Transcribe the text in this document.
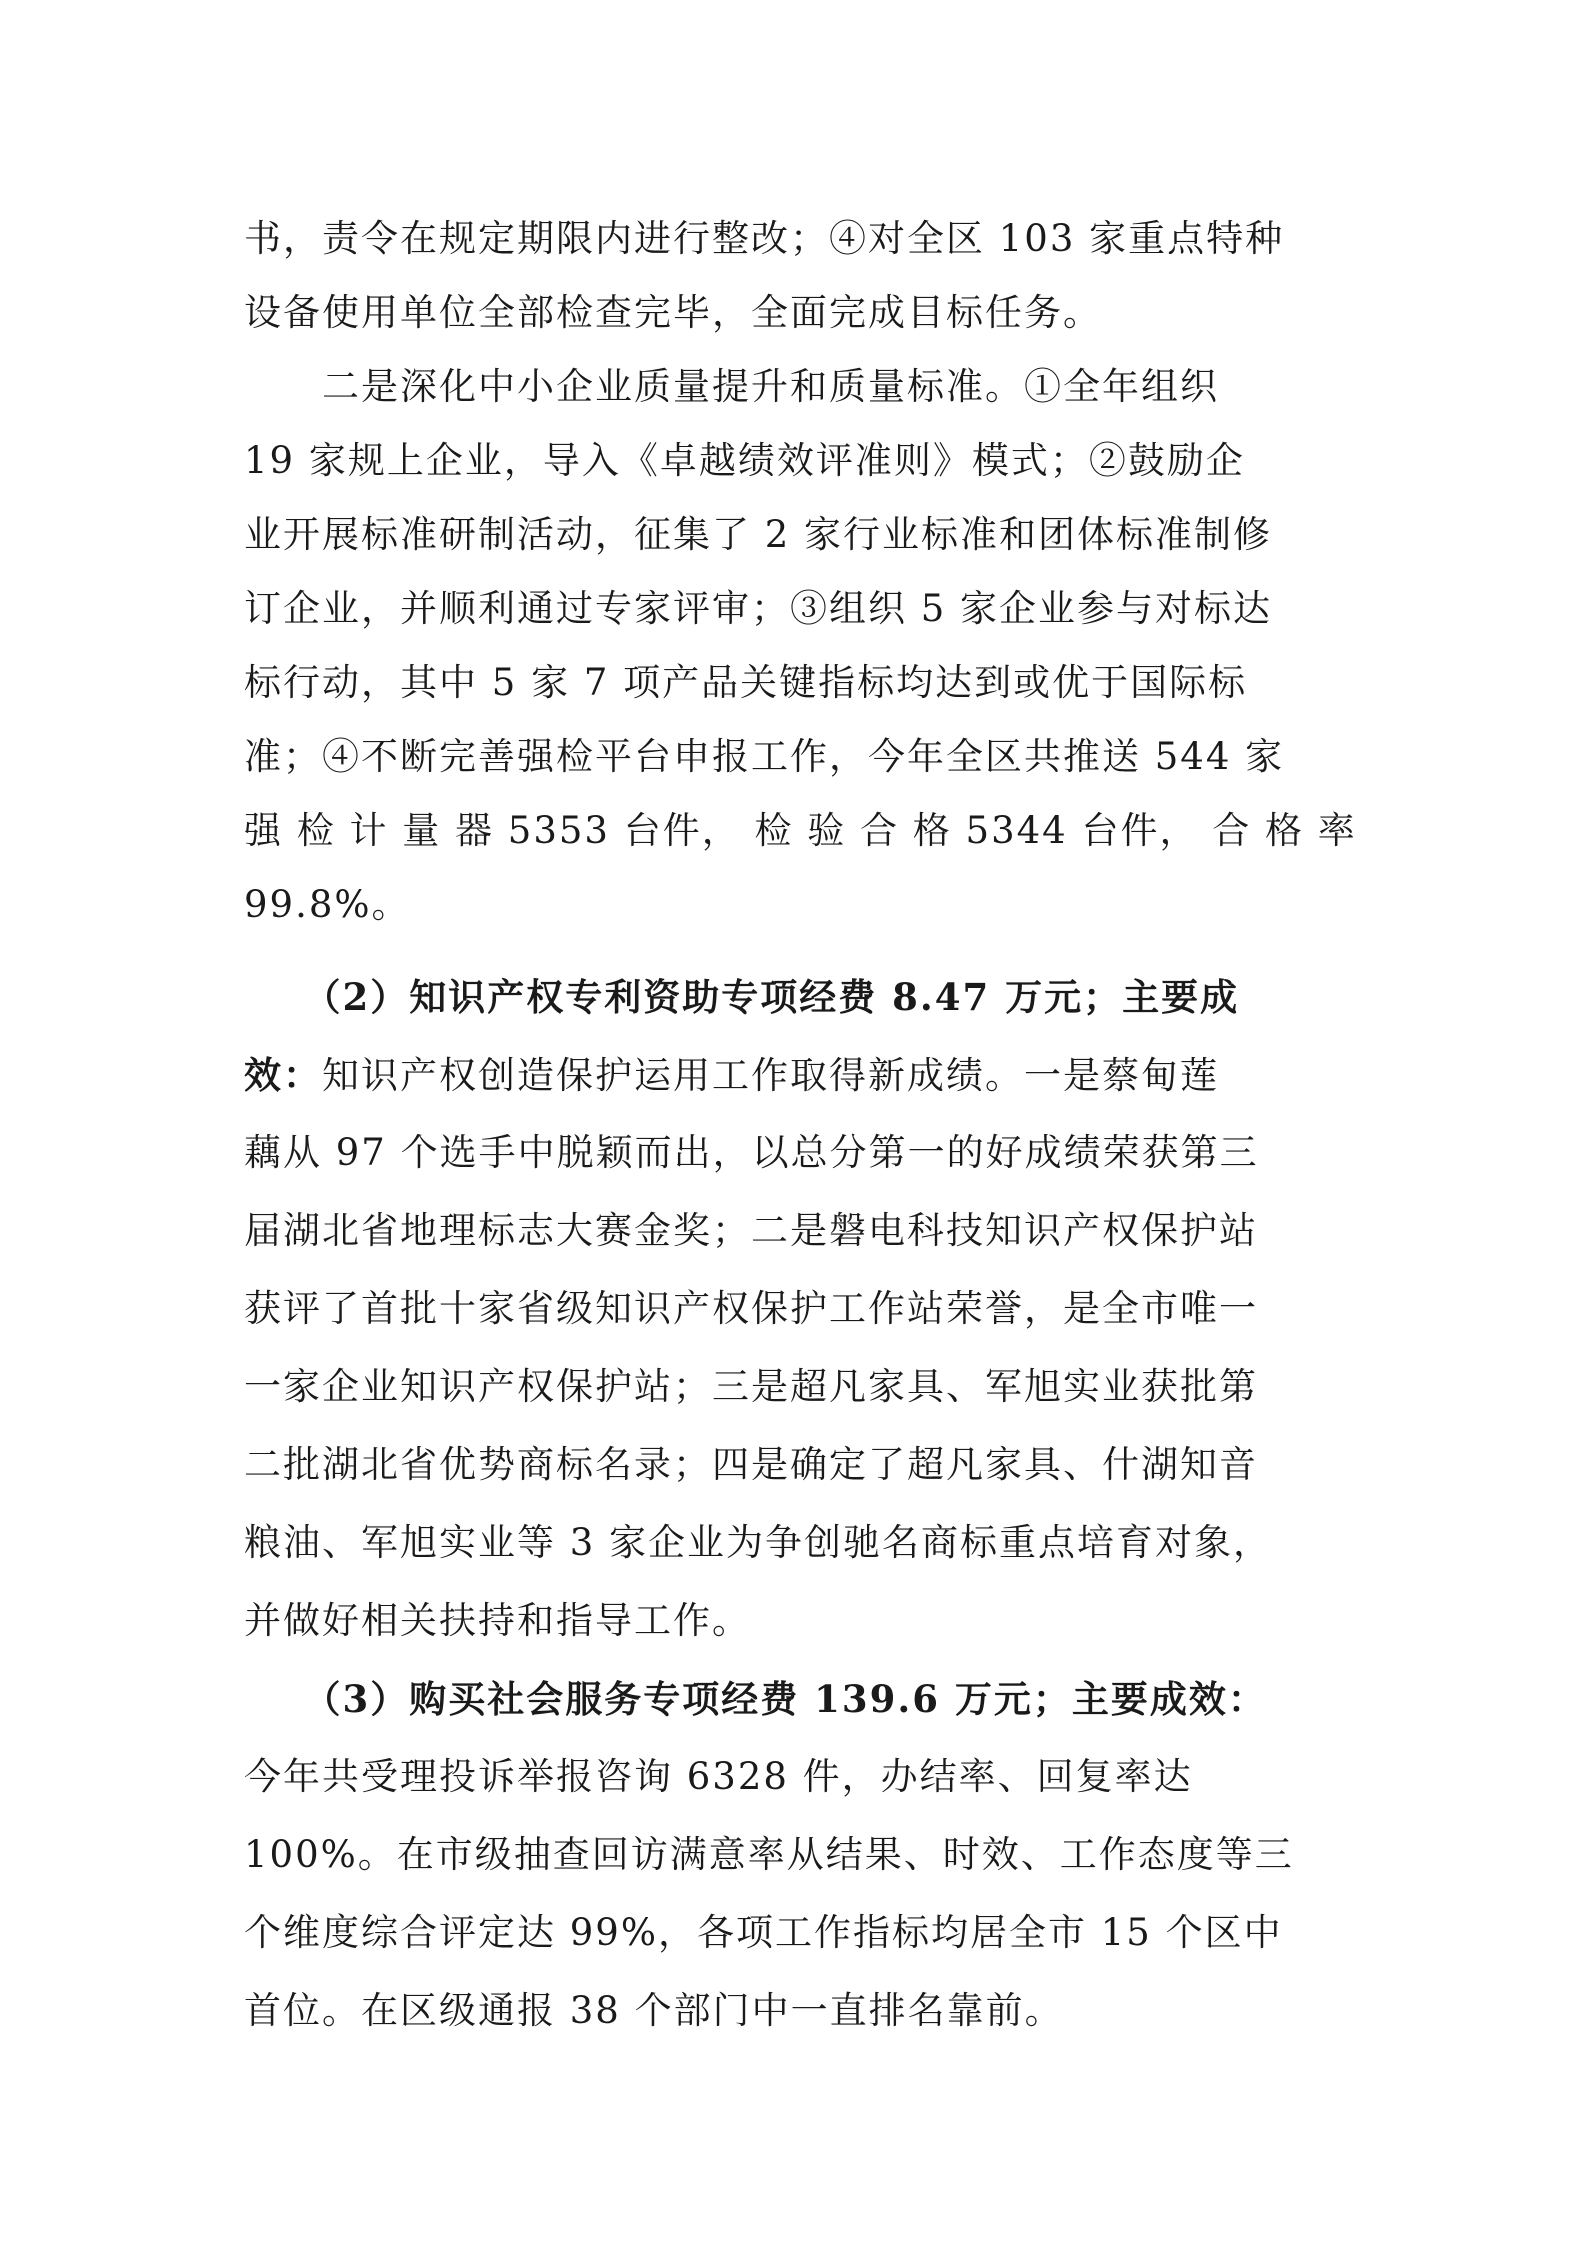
书，责令在规定期限内进行整改；④对全区 103 家重点特种
设备使用单位全部检查完毕，全面完成目标任务。
　　二是深化中小企业质量提升和质量标准。①全年组织
19 家规上企业，导入《卓越绩效评准则》模式；②鼓励企
业开展标准研制活动，征集了 2 家行业标准和团体标准制修
订企业，并顺利通过专家评审；③组织 5 家企业参与对标达
标行动，其中 5 家 7 项产品关键指标均达到或优于国际标
准；④不断完善强检平台申报工作，今年全区共推送 544 家
强 检 计 量 器 5353 台件， 检 验 合 格 5344 台件， 合 格 率
99.8%。
　　（2）知识产权专利资助专项经费 8.47 万元；主要成
效：知识产权创造保护运用工作取得新成绩。一是蔡甸莲
藕从 97 个选手中脱颖而出，以总分第一的好成绩荣获第三
届湖北省地理标志大赛金奖；二是磐电科技知识产权保护站
获评了首批十家省级知识产权保护工作站荣誉，是全市唯一
一家企业知识产权保护站；三是超凡家具、军旭实业获批第
二批湖北省优势商标名录；四是确定了超凡家具、什湖知音
粮油、军旭实业等 3 家企业为争创驰名商标重点培育对象，
并做好相关扶持和指导工作。
　　（3）购买社会服务专项经费 139.6 万元；主要成效：
今年共受理投诉举报咨询 6328 件，办结率、回复率达
100%。在市级抽查回访满意率从结果、时效、工作态度等三
个维度综合评定达 99%，各项工作指标均居全市 15 个区中
首位。在区级通报 38 个部门中一直排名靠前。
